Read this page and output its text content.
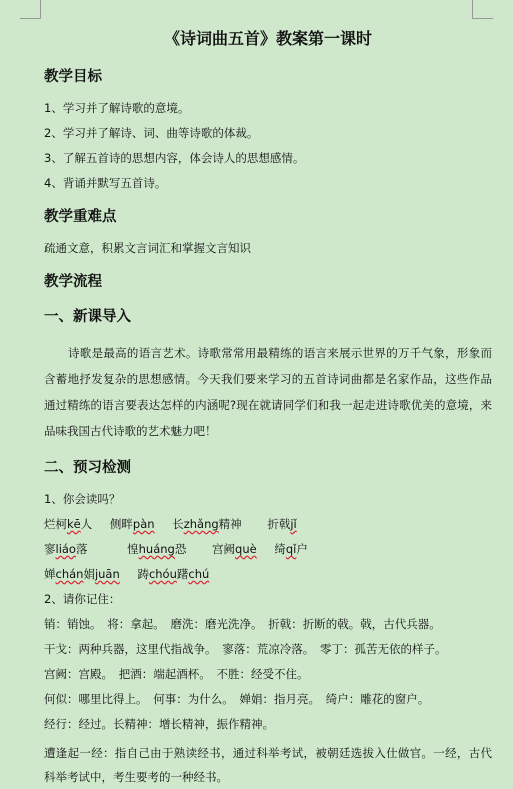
《诗词曲五首》教案第一课时
教学目标
1、学习并了解诗歌的意境。
2、学习并了解诗、词、曲等诗歌的体裁。
3、了解五首诗的思想内容，体会诗人的思想感情。
4、背诵并默写五首诗。
教学重难点
疏通文意，积累文言词汇和掌握文言知识
教学流程
一、新课导入
诗歌是最高的语言艺术。诗歌常常用最精练的语言来展示世界的万千气象，形象而含蓄地抒发复杂的思想感情。今天我们要来学习的五首诗词曲都是名家作品，这些作品通过精练的语言要表达怎样的内涵呢?现在就请同学们和我一起走进诗歌优美的意境，来品味我国古代诗歌的艺术魅力吧！
二、预习检测
1、你会读吗？
烂柯kē人 侧畔pàn 长zhǎng精神 折戟jǐ
寥liáo落	惶huáng恐 宫阙què 绮qǐ户
婵chán娟juān 踌chóu躇chú
2、请你记住：
销：销蚀。　将：拿起。　磨洗：磨光洗净。　折戟：折断的戟。戟，古代兵器。
干戈：两种兵器，这里代指战争。　寥落：荒凉冷落。　零丁：孤苦无依的样子。
宫阙：宫殿。　把酒：端起酒杯。　不胜：经受不住。
何似：哪里比得上。　何事：为什么。　婵娟：指月亮。　绮户：雕花的窗户。
经行：经过。长精神：增长精神，振作精神。
遭逢起一经：指自己由于熟读经书，通过科举考试，被朝廷选拔入仕做官。一经，古代科举考试中，考生要考的一种经书。
